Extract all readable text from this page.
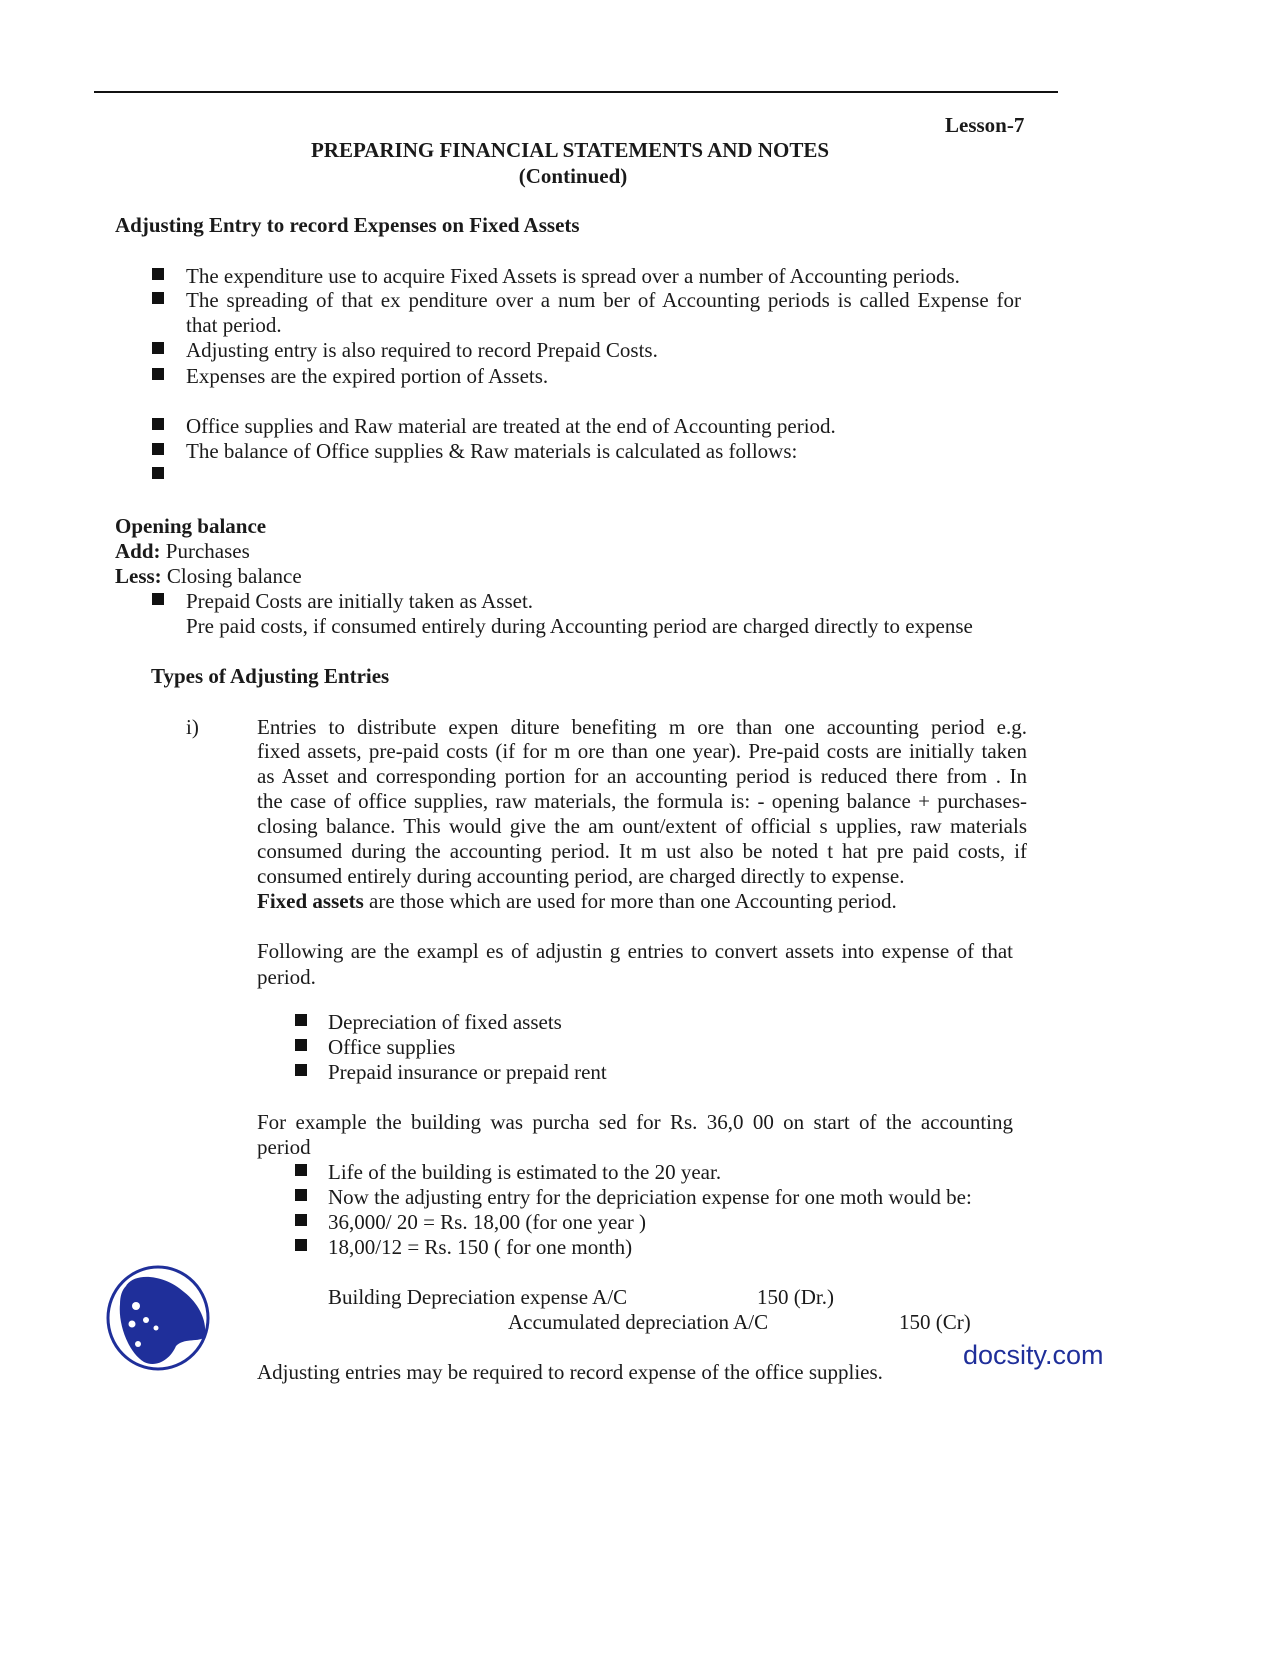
Lesson-7
PREPARING FINANCIAL STATEMENTS AND NOTES
(Continued)
Adjusting Entry to record Expenses on Fixed Assets
The expenditure use to acquire Fixed Assets is spread over a number of Accounting periods.
The spreading of that ex penditure over a num ber of Accounting periods is called Expense for
that period.
Adjusting entry is also required to record Prepaid Costs.
Expenses are the expired portion of Assets.
Office supplies and Raw material are treated at the end of Accounting period.
The balance of Office supplies & Raw materials is calculated as follows:
Opening balance
Add: Purchases
Less: Closing balance
Prepaid Costs are initially taken as Asset.
Pre paid costs, if consumed entirely during Accounting period are charged directly to expense
Types of Adjusting Entries
i)	Entries to distribute expen diture benefiting m ore than one accounting period e.g.
fixed assets, pre-paid costs (if for m ore than one year). Pre-paid costs are initially taken
as Asset and corresponding portion for an accounting period is reduced there from . In
the case of office supplies, raw materials, the formula is: - opening balance + purchases-
closing balance. This would give the am ount/extent of official s upplies, raw materials
consumed during the accounting period. It m ust also be noted t hat pre paid costs, if
consumed entirely during accounting period, are charged directly to expense.
Fixed assets are those which are used for more than one Accounting period.
Following are the exampl es of adjustin g entries to convert assets into expense of that
period.
Depreciation of fixed assets
Office supplies
Prepaid insurance or prepaid rent
For example the building was purcha sed for Rs. 36,0 00 on start of the accounting
period
Life of the building is estimated to the 20 year.
Now the adjusting entry for the depriciation expense for one moth would be:
36,000/ 20 = Rs. 18,00 (for one year )
18,00/12 = Rs. 150 ( for one month)
Building Depreciation expense A/C	150 (Dr.)
Accumulated depreciation A/C	150 (Cr)
Adjusting entries may be required to record expense of the office supplies.
docsity.com
